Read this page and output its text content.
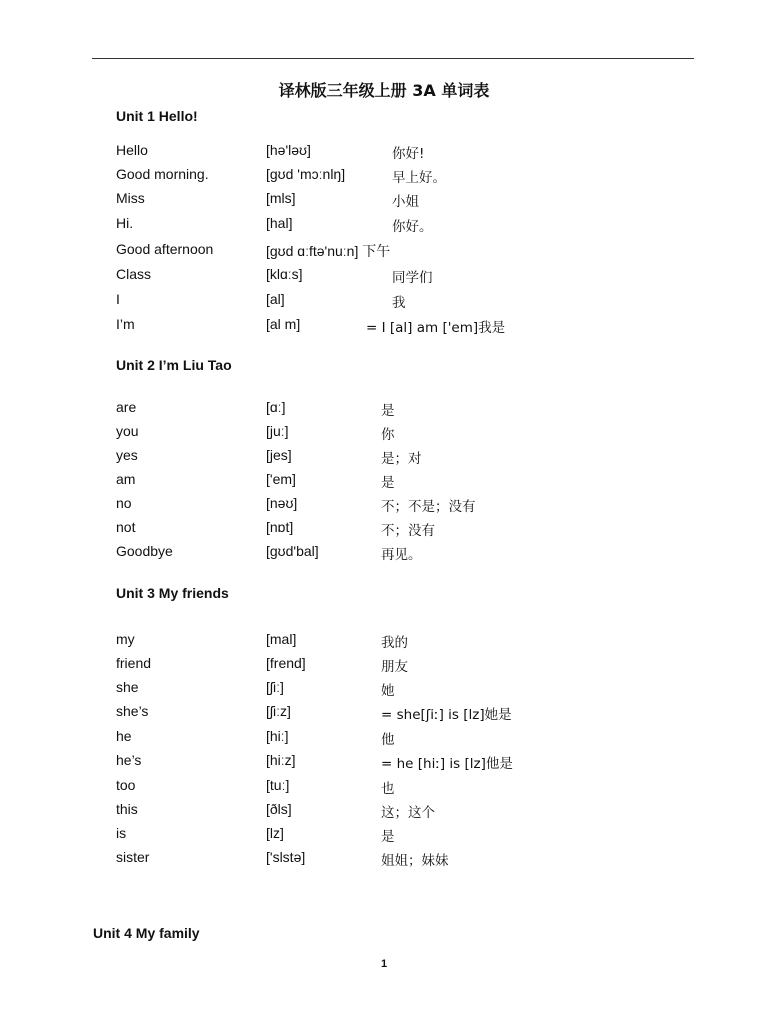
译林版三年级上册 3A 单词表
Unit 1 Hello!
Hello	[hə'ləʊ]	你好!
Good morning.	[gʊd 'mɔːnlŋ]	早上好。
Miss	[mls]	小姐
Hi.	[hal]	你好。
Good afternoon	[gʊd ɑːftə'nuːn] 下午
Class	[klɑːs]	同学们
I	[al]	我
I’m	[al m]	= I [al] am ['em]我是
Unit 2 I’m Liu Tao
are	[ɑː]	是
you	[juː]	你
yes	[jes]	是；对
am	['em]	是
no	[nəʊ]	不；不是；没有
not	[nɒt]	不；没有
Goodbye	[gʊd'bal]	再见。
Unit 3 My friends
my	[mal]	我的
friend	[frend]	朋友
she	[ʃiː]	她
she’s	[ʃiːz]	= she[ʃiː] is [lz]她是
he	[hiː]	他
he’s	[hiːz]	= he [hiː] is [lz]他是
too	[tuː]	也
this	[ðls]	这；这个
is	[lz]	是
sister	['slstə]	姐姐；妹妹
Unit 4 My family
1
